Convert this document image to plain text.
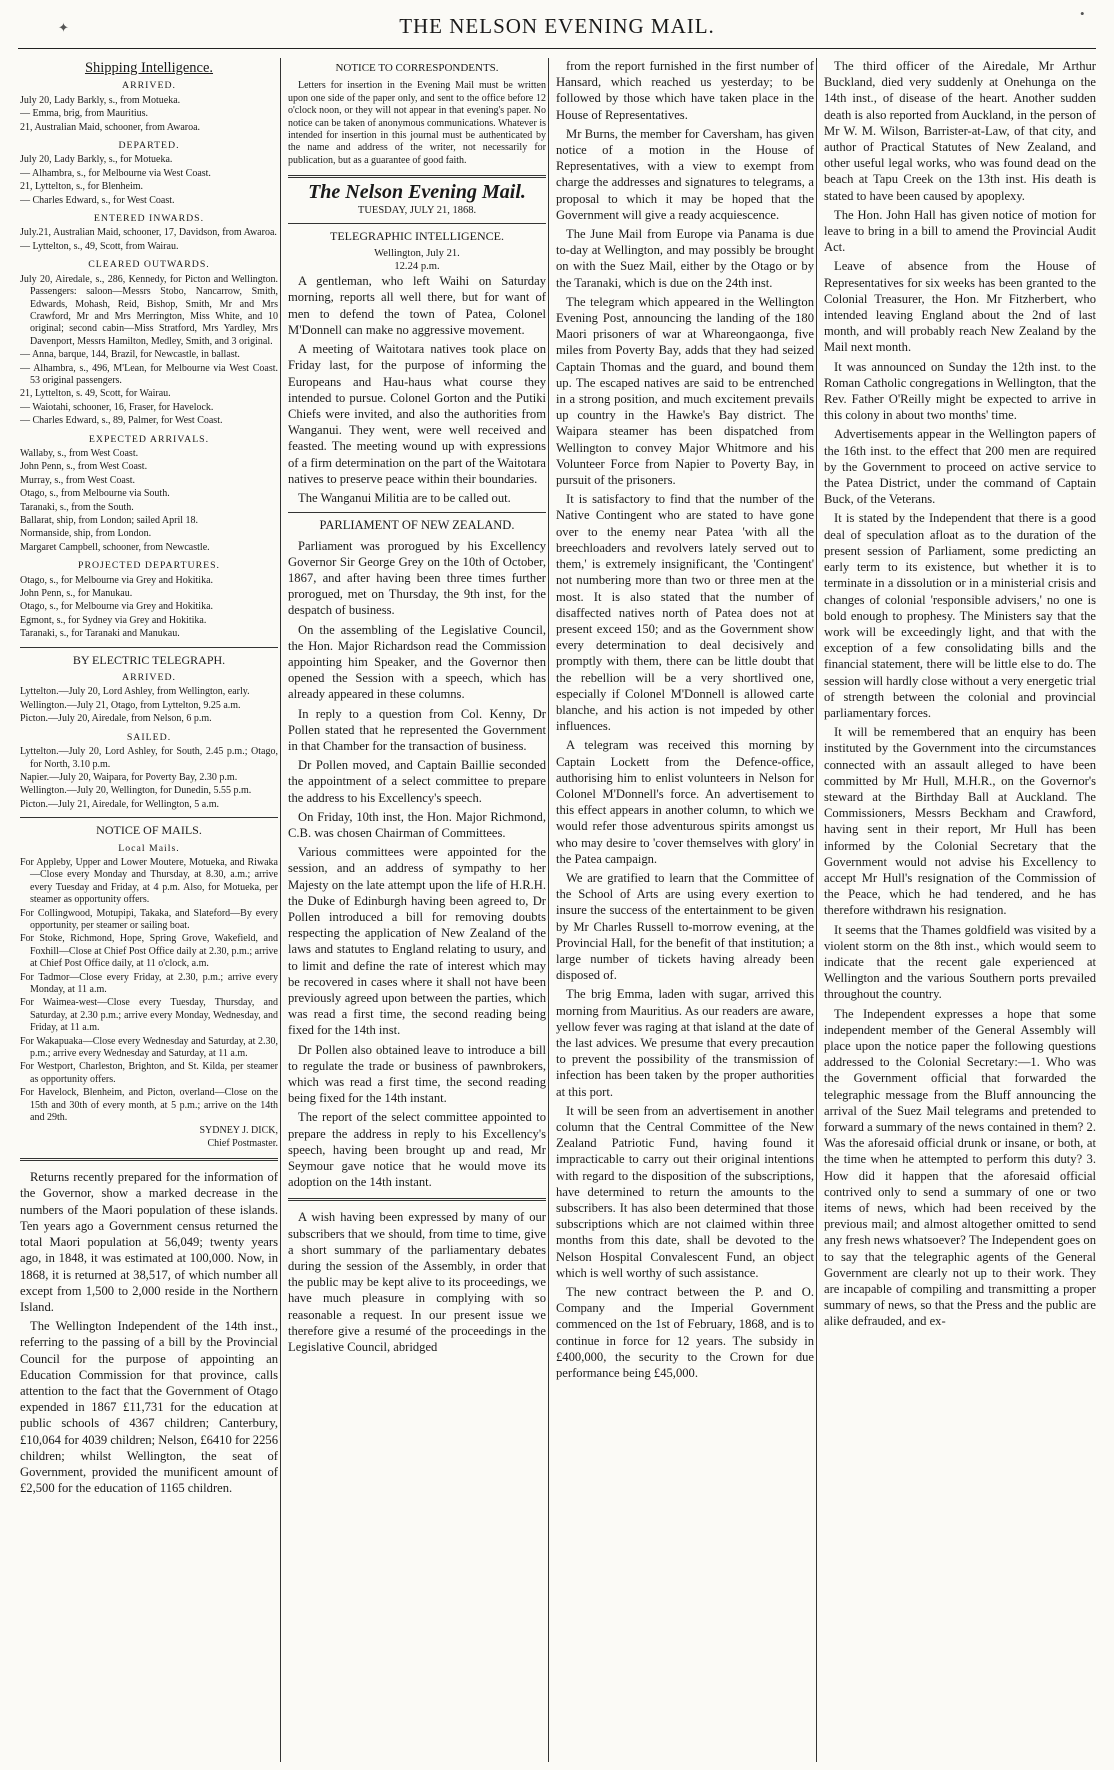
✦
•
THE NELSON EVENING MAIL.
Shipping Intelligence.
ARRIVED.

July 20, Lady Barkly, s., from Motueka.

— Emma, brig, from Mauritius.

21, Australian Maid, schooner, from Awaroa.

DEPARTED.

July 20, Lady Barkly, s., for Motueka.

— Alhambra, s., for Melbourne via West Coast.

21, Lyttelton, s., for Blenheim.

— Charles Edward, s., for West Coast.

ENTERED INWARDS.

July.21, Australian Maid, schooner, 17, Davidson, from Awaroa.

— Lyttelton, s., 49, Scott, from Wairau.

CLEARED OUTWARDS.

July 20, Airedale, s., 286, Kennedy, for Picton and Wellington. Passengers: saloon—Messrs Stobo, Nancarrow, Smith, Edwards, Mohash, Reid, Bishop, Smith, Mr and Mrs Crawford, Mr and Mrs Merrington, Miss White, and 10 original; second cabin—Miss Stratford, Mrs Yardley, Mrs Davenport, Messrs Hamilton, Medley, Smith, and 3 original.

— Anna, barque, 144, Brazil, for Newcastle, in ballast.

— Alhambra, s., 496, M'Lean, for Melbourne via West Coast. 53 original passengers.

21, Lyttelton, s. 49, Scott, for Wairau.

— Waiotahi, schooner, 16, Fraser, for Havelock.

— Charles Edward, s., 89, Palmer, for West Coast.

EXPECTED ARRIVALS.

Wallaby, s., from West Coast.

John Penn, s., from West Coast.

Murray, s., from West Coast.

Otago, s., from Melbourne via South.

Taranaki, s., from the South.

Ballarat, ship, from London; sailed April 18.

Normanside, ship, from London.

Margaret Campbell, schooner, from Newcastle.

PROJECTED DEPARTURES.

Otago, s., for Melbourne via Grey and Hokitika.

John Penn, s., for Manukau.

Otago, s., for Melbourne via Grey and Hokitika.

Egmont, s., for Sydney via Grey and Hokitika.

Taranaki, s., for Taranaki and Manukau.

BY ELECTRIC TELEGRAPH.
ARRIVED.

Lyttelton.—July 20, Lord Ashley, from Wellington, early.

Wellington.—July 21, Otago, from Lyttelton, 9.25 a.m.

Picton.—July 20, Airedale, from Nelson, 6 p.m.

SAILED.

Lyttelton.—July 20, Lord Ashley, for South, 2.45 p.m.; Otago, for North, 3.10 p.m.

Napier.—July 20, Waipara, for Poverty Bay, 2.30 p.m.

Wellington.—July 20, Wellington, for Dunedin, 5.55 p.m.

Picton.—July 21, Airedale, for Wellington, 5 a.m.

NOTICE OF MAILS.
Local Mails.

For Appleby, Upper and Lower Moutere, Motueka, and Riwaka—Close every Monday and Thursday, at 8.30, a.m.; arrive every Tuesday and Friday, at 4 p.m. Also, for Motueka, per steamer as opportunity offers.

For Collingwood, Motupipi, Takaka, and Slateford—By every opportunity, per steamer or sailing boat.

For Stoke, Richmond, Hope, Spring Grove, Wakefield, and Foxhill—Close at Chief Post Office daily at 2.30, p.m.; arrive at Chief Post Office daily, at 11 o'clock, a.m.

For Tadmor—Close every Friday, at 2.30, p.m.; arrive every Monday, at 11 a.m.

For Waimea-west—Close every Tuesday, Thursday, and Saturday, at 2.30 p.m.; arrive every Monday, Wednesday, and Friday, at 11 a.m.

For Wakapuaka—Close every Wednesday and Saturday, at 2.30, p.m.; arrive every Wednesday and Saturday, at 11 a.m.

For Westport, Charleston, Brighton, and St. Kilda, per steamer as opportunity offers.

For Havelock, Blenheim, and Picton, overland—Close on the 15th and 30th of every month, at 5 p.m.; arrive on the 14th and 29th.

SYDNEY J. DICK,
Chief Postmaster.

Returns recently prepared for the information of the Governor, show a marked decrease in the numbers of the Maori population of these islands. Ten years ago a Government census returned the total Maori population at 56,049; twenty years ago, in 1848, it was estimated at 100,000. Now, in 1868, it is returned at 38,517, of which number all except from 1,500 to 2,000 reside in the Northern Island.

The Wellington Independent of the 14th inst., referring to the passing of a bill by the Provincial Council for the purpose of appointing an Education Commission for that province, calls attention to the fact that the Government of Otago expended in 1867 £11,731 for the education at public schools of 4367 children; Canterbury, £10,064 for 4039 children; Nelson, £6410 for 2256 children; whilst Wellington, the seat of Government, provided the munificent amount of £2,500 for the education of 1165 children.

NOTICE TO CORRESPONDENTS.

Letters for insertion in the Evening Mail must be written upon one side of the paper only, and sent to the office before 12 o'clock noon, or they will not appear in that evening's paper. No notice can be taken of anonymous communications. Whatever is intended for insertion in this journal must be authenticated by the name and address of the writer, not necessarily for publication, but as a guarantee of good faith.

The Nelson Evening Mail.
TUESDAY, JULY 21, 1868.
TELEGRAPHIC INTELLIGENCE.
Wellington, July 21.
12.24 p.m.

A gentleman, who left Waihi on Saturday morning, reports all well there, but for want of men to defend the town of Patea, Colonel M'Donnell can make no aggressive movement.

A meeting of Waitotara natives took place on Friday last, for the purpose of informing the Europeans and Hau-haus what course they intended to pursue. Colonel Gorton and the Putiki Chiefs were invited, and also the authorities from Wanganui. They went, were well received and feasted. The meeting wound up with expressions of a firm determination on the part of the Waitotara natives to preserve peace within their boundaries.

The Wanganui Militia are to be called out.

PARLIAMENT OF NEW ZEALAND.

Parliament was prorogued by his Excellency Governor Sir George Grey on the 10th of October, 1867, and after having been three times further prorogued, met on Thursday, the 9th inst, for the despatch of business.

On the assembling of the Legislative Council, the Hon. Major Richardson read the Commission appointing him Speaker, and the Governor then opened the Session with a speech, which has already appeared in these columns.

In reply to a question from Col. Kenny, Dr Pollen stated that he represented the Government in that Chamber for the transaction of business.

Dr Pollen moved, and Captain Baillie seconded the appointment of a select committee to prepare the address to his Excellency's speech.

On Friday, 10th inst, the Hon. Major Richmond, C.B. was chosen Chairman of Committees.

Various committees were appointed for the session, and an address of sympathy to her Majesty on the late attempt upon the life of H.R.H. the Duke of Edinburgh having been agreed to, Dr Pollen introduced a bill for removing doubts respecting the application of New Zealand of the laws and statutes to England relating to usury, and to limit and define the rate of interest which may be recovered in cases where it shall not have been previously agreed upon between the parties, which was read a first time, the second reading being fixed for the 14th inst.

Dr Pollen also obtained leave to introduce a bill to regulate the trade or business of pawnbrokers, which was read a first time, the second reading being fixed for the 14th instant.

The report of the select committee appointed to prepare the address in reply to his Excellency's speech, having been brought up and read, Mr Seymour gave notice that he would move its adoption on the 14th instant.

A wish having been expressed by many of our subscribers that we should, from time to time, give a short summary of the parliamentary debates during the session of the Assembly, in order that the public may be kept alive to its proceedings, we have much pleasure in complying with so reasonable a request. In our present issue we therefore give a resumé of the proceedings in the Legislative Council, abridged

from the report furnished in the first number of Hansard, which reached us yesterday; to be followed by those which have taken place in the House of Representatives.

Mr Burns, the member for Caversham, has given notice of a motion in the House of Representatives, with a view to exempt from charge the addresses and signatures to telegrams, a proposal to which it may be hoped that the Government will give a ready acquiescence.

The June Mail from Europe via Panama is due to-day at Wellington, and may possibly be brought on with the Suez Mail, either by the Otago or by the Taranaki, which is due on the 24th inst.

The telegram which appeared in the Wellington Evening Post, announcing the landing of the 180 Maori prisoners of war at Whareongaonga, five miles from Poverty Bay, adds that they had seized Captain Thomas and the guard, and bound them up. The escaped natives are said to be entrenched in a strong position, and much excitement prevails up country in the Hawke's Bay district. The Waipara steamer has been dispatched from Wellington to convey Major Whitmore and his Volunteer Force from Napier to Poverty Bay, in pursuit of the prisoners.

It is satisfactory to find that the number of the Native Contingent who are stated to have gone over to the enemy near Patea 'with all the breechloaders and revolvers lately served out to them,' is extremely insignificant, the 'Contingent' not numbering more than two or three men at the most. It is also stated that the number of disaffected natives north of Patea does not at present exceed 150; and as the Government show every determination to deal decisively and promptly with them, there can be little doubt that the rebellion will be a very shortlived one, especially if Colonel M'Donnell is allowed carte blanche, and his action is not impeded by other influences.

A telegram was received this morning by Captain Lockett from the Defence-office, authorising him to enlist volunteers in Nelson for Colonel M'Donnell's force. An advertisement to this effect appears in another column, to which we would refer those adventurous spirits amongst us who may desire to 'cover themselves with glory' in the Patea campaign.

We are gratified to learn that the Committee of the School of Arts are using every exertion to insure the success of the entertainment to be given by Mr Charles Russell to-morrow evening, at the Provincial Hall, for the benefit of that institution; a large number of tickets having already been disposed of.

The brig Emma, laden with sugar, arrived this morning from Mauritius. As our readers are aware, yellow fever was raging at that island at the date of the last advices. We presume that every precaution to prevent the possibility of the transmission of infection has been taken by the proper authorities at this port.

It will be seen from an advertisement in another column that the Central Committee of the New Zealand Patriotic Fund, having found it impracticable to carry out their original intentions with regard to the disposition of the subscriptions, have determined to return the amounts to the subscribers. It has also been determined that those subscriptions which are not claimed within three months from this date, shall be devoted to the Nelson Hospital Convalescent Fund, an object which is well worthy of such assistance.

The new contract between the P. and O. Company and the Imperial Government commenced on the 1st of February, 1868, and is to continue in force for 12 years. The subsidy in £400,000, the security to the Crown for due performance being £45,000.

The third officer of the Airedale, Mr Arthur Buckland, died very suddenly at Onehunga on the 14th inst., of disease of the heart. Another sudden death is also reported from Auckland, in the person of Mr W. M. Wilson, Barrister-at-Law, of that city, and author of Practical Statutes of New Zealand, and other useful legal works, who was found dead on the beach at Tapu Creek on the 13th inst. His death is stated to have been caused by apoplexy.

The Hon. John Hall has given notice of motion for leave to bring in a bill to amend the Provincial Audit Act.

Leave of absence from the House of Representatives for six weeks has been granted to the Colonial Treasurer, the Hon. Mr Fitzherbert, who intended leaving England about the 2nd of last month, and will probably reach New Zealand by the Mail next month.

It was announced on Sunday the 12th inst. to the Roman Catholic congregations in Wellington, that the Rev. Father O'Reilly might be expected to arrive in this colony in about two months' time.

Advertisements appear in the Wellington papers of the 16th inst. to the effect that 200 men are required by the Government to proceed on active service to the Patea District, under the command of Captain Buck, of the Veterans.

It is stated by the Independent that there is a good deal of speculation afloat as to the duration of the present session of Parliament, some predicting an early term to its existence, but whether it is to terminate in a dissolution or in a ministerial crisis and changes of colonial 'responsible advisers,' no one is bold enough to prophesy. The Ministers say that the work will be exceedingly light, and that with the exception of a few consolidating bills and the financial statement, there will be little else to do. The session will hardly close without a very energetic trial of strength between the colonial and provincial parliamentary forces.

It will be remembered that an enquiry has been instituted by the Government into the circumstances connected with an assault alleged to have been committed by Mr Hull, M.H.R., on the Governor's steward at the Birthday Ball at Auckland. The Commissioners, Messrs Beckham and Crawford, having sent in their report, Mr Hull has been informed by the Colonial Secretary that the Government would not advise his Excellency to accept Mr Hull's resignation of the Commission of the Peace, which he had tendered, and he has therefore withdrawn his resignation.

It seems that the Thames goldfield was visited by a violent storm on the 8th inst., which would seem to indicate that the recent gale experienced at Wellington and the various Southern ports prevailed throughout the country.

The Independent expresses a hope that some independent member of the General Assembly will place upon the notice paper the following questions addressed to the Colonial Secretary:—1. Who was the Government official that forwarded the telegraphic message from the Bluff announcing the arrival of the Suez Mail telegrams and pretended to forward a summary of the news contained in them? 2. Was the aforesaid official drunk or insane, or both, at the time when he attempted to perform this duty? 3. How did it happen that the aforesaid official contrived only to send a summary of one or two items of news, which had been received by the previous mail; and almost altogether omitted to send any fresh news whatsoever? The Independent goes on to say that the telegraphic agents of the General Government are clearly not up to their work. They are incapable of compiling and transmitting a proper summary of news, so that the Press and the public are alike defrauded, and ex-
